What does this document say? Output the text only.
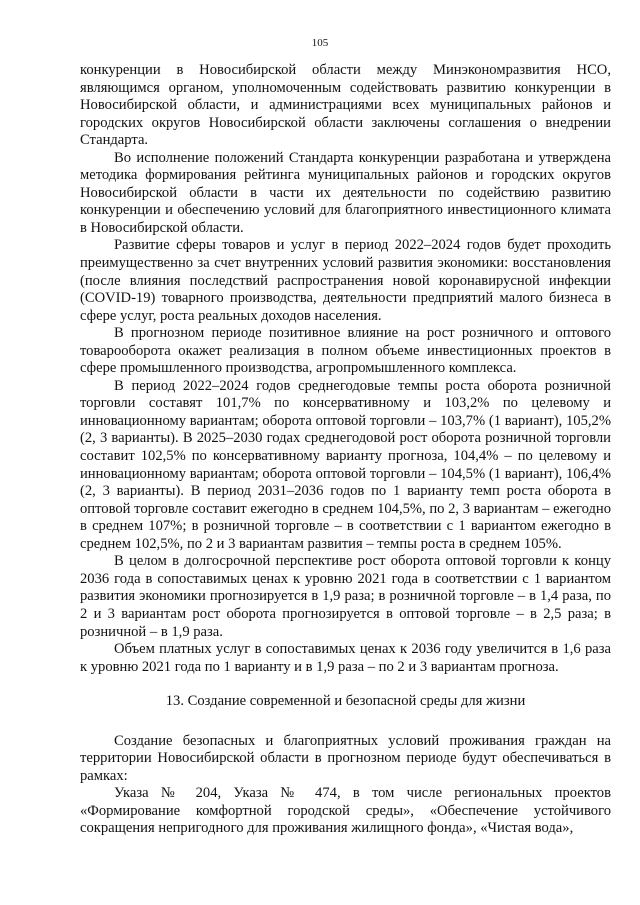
105

конкуренции в Новосибирской области между Минэкономразвития НСО, являющимся органом, уполномоченным содействовать развитию конкуренции в Новосибирской области, и администрациями всех муниципальных районов и городских округов Новосибирской области заключены соглашения о внедрении Стандарта.

Во исполнение положений Стандарта конкуренции разработана и утверждена методика формирования рейтинга муниципальных районов и городских округов Новосибирской области в части их деятельности по содействию развитию конкуренции и обеспечению условий для благоприятного инвестиционного климата в Новосибирской области.

Развитие сферы товаров и услуг в период 2022–2024 годов будет проходить преимущественно за счет внутренних условий развития экономики: восстановления (после влияния последствий распространения новой коронавирусной инфекции (COVID-19) товарного производства, деятельности предприятий малого бизнеса в сфере услуг, роста реальных доходов населения.

В прогнозном периоде позитивное влияние на рост розничного и оптового товарооборота окажет реализация в полном объеме инвестиционных проектов в сфере промышленного производства, агропромышленного комплекса.

В период 2022–2024 годов среднегодовые темпы роста оборота розничной торговли составят 101,7% по консервативному и 103,2% по целевому и инновационному вариантам; оборота оптовой торговли – 103,7% (1 вариант), 105,2% (2, 3 варианты). В 2025–2030 годах среднегодовой рост оборота розничной торговли составит 102,5% по консервативному варианту прогноза, 104,4% – по целевому и инновационному вариантам; оборота оптовой торговли – 104,5% (1 вариант), 106,4% (2, 3 варианты). В период 2031–2036 годов по 1 варианту темп роста оборота в оптовой торговле составит ежегодно в среднем 104,5%, по 2, 3 вариантам – ежегодно в среднем 107%; в розничной торговле – в соответствии с 1 вариантом ежегодно в среднем 102,5%, по 2 и 3 вариантам развития – темпы роста в среднем 105%.

В целом в долгосрочной перспективе рост оборота оптовой торговли к концу 2036 года в сопоставимых ценах к уровню 2021 года в соответствии с 1 вариантом развития экономики прогнозируется в 1,9 раза; в розничной торговле – в 1,4 раза, по 2 и 3 вариантам рост оборота прогнозируется в оптовой торговле – в 2,5 раза; в розничной – в 1,9 раза.

Объем платных услуг в сопоставимых ценах к 2036 году увеличится в 1,6 раза к уровню 2021 года по 1 варианту и в 1,9 раза – по 2 и 3 вариантам прогноза.

13. Создание современной и безопасной среды для жизни

Создание безопасных и благоприятных условий проживания граждан на территории Новосибирской области в прогнозном периоде будут обеспечиваться в рамках:

Указа № 204, Указа № 474, в том числе региональных проектов «Формирование комфортной городской среды», «Обеспечение устойчивого сокращения непригодного для проживания жилищного фонда», «Чистая вода»,
